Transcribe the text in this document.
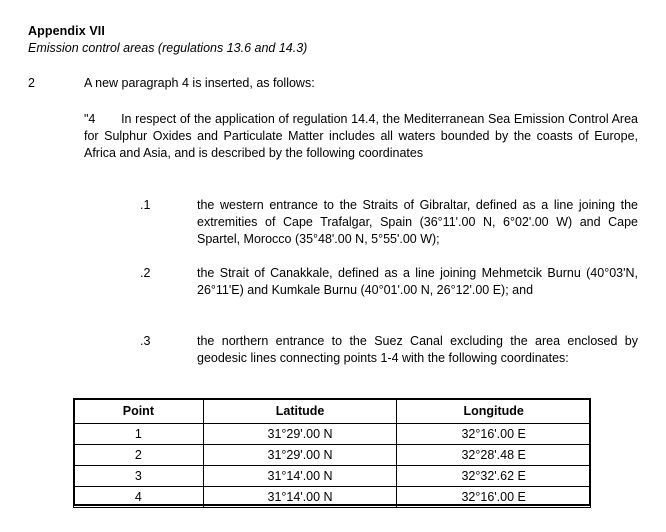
Appendix VII
Emission control areas (regulations 13.6 and 14.3)
2	A new paragraph 4 is inserted, as follows:
"4 In respect of the application of regulation 14.4, the Mediterranean Sea Emission Control Area for Sulphur Oxides and Particulate Matter includes all waters bounded by the coasts of Europe, Africa and Asia, and is described by the following coordinates
.1	the western entrance to the Straits of Gibraltar, defined as a line joining the extremities of Cape Trafalgar, Spain (36°11'.00 N, 6°02'.00 W) and Cape Spartel, Morocco (35°48'.00 N, 5°55'.00 W);
.2	the Strait of Canakkale, defined as a line joining Mehmetcik Burnu (40°03'N, 26°11'E) and Kumkale Burnu (40°01'.00 N, 26°12'.00 E); and
.3	the northern entrance to the Suez Canal excluding the area enclosed by geodesic lines connecting points 1-4 with the following coordinates:
Point	Latitude	Longitude
1	31°29'.00 N	32°16'.00 E
2	31°29'.00 N	32°28'.48 E
3	31°14'.00 N	32°32'.62 E
4	31°14'.00 N	32°16'.00 E
